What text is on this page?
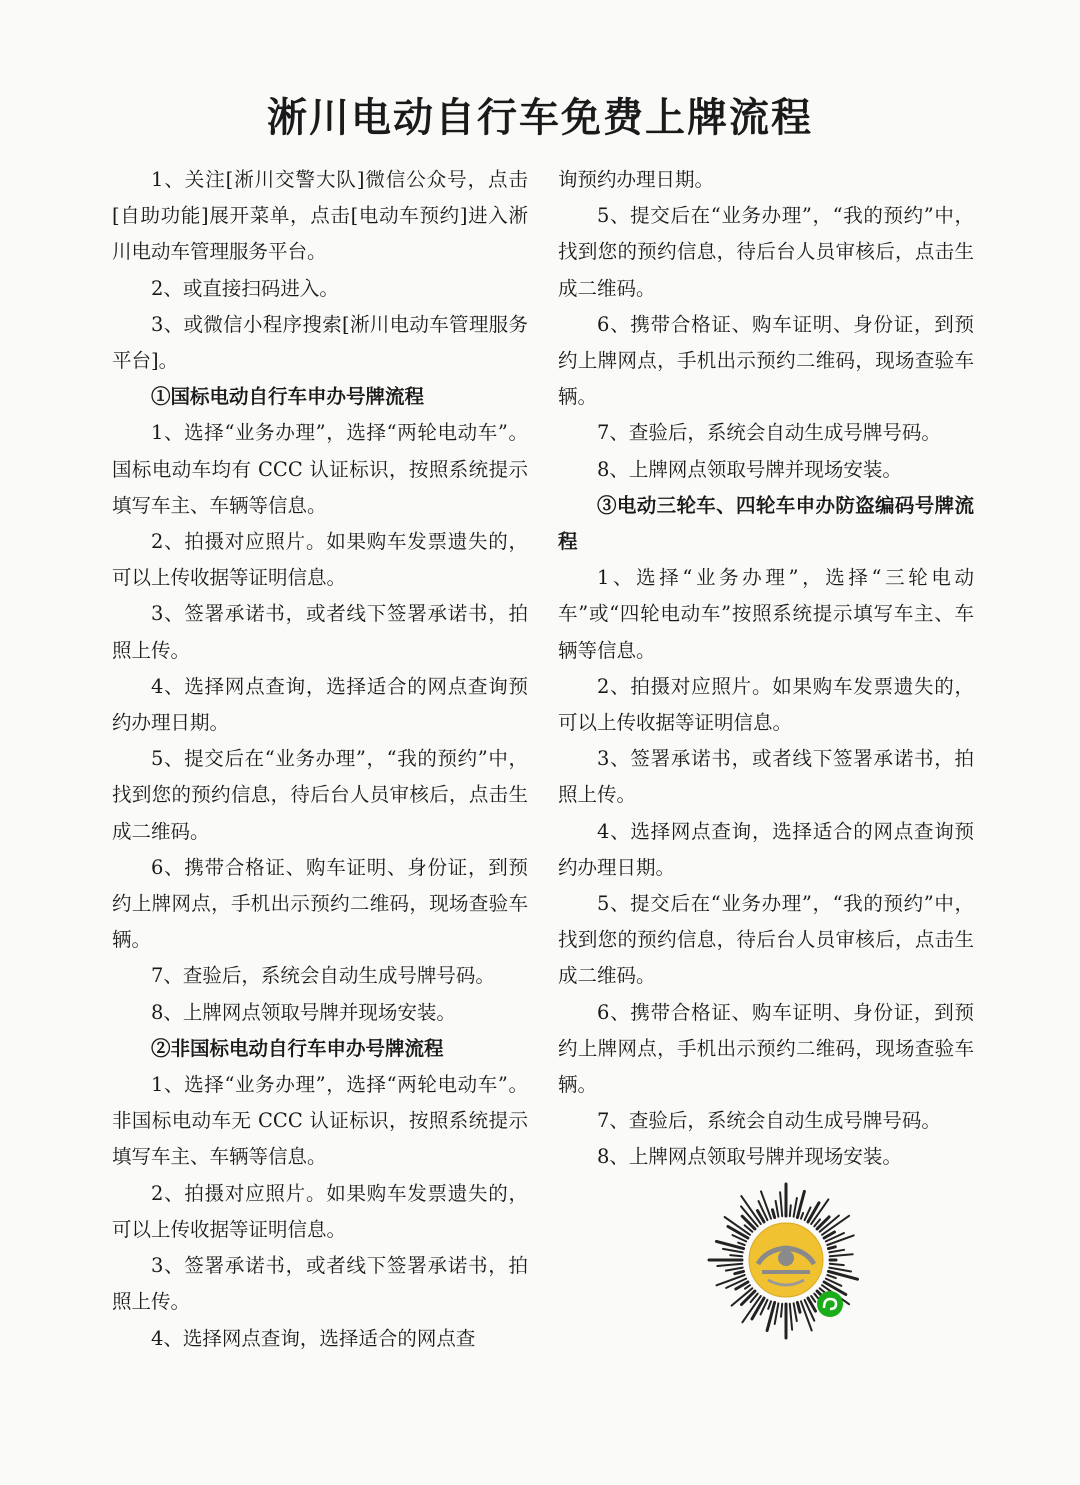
淅川电动自行车免费上牌流程

1、关注[淅川交警大队]微信公众号，点击[自助功能]展开菜单，点击[电动车预约]进入淅川电动车管理服务平台。

2、或直接扫码进入。

3、或微信小程序搜索[淅川电动车管理服务平台]。

①国标电动自行车申办号牌流程

1、选择“业务办理”，选择“两轮电动车”。国标电动车均有 CCC 认证标识，按照系统提示填写车主、车辆等信息。

2、拍摄对应照片。如果购车发票遗失的，可以上传收据等证明信息。

3、签署承诺书，或者线下签署承诺书，拍照上传。

4、选择网点查询，选择适合的网点查询预约办理日期。

5、提交后在“业务办理”，“我的预约”中，找到您的预约信息，待后台人员审核后，点击生成二维码。

6、携带合格证、购车证明、身份证，到预约上牌网点，手机出示预约二维码，现场查验车辆。

7、查验后，系统会自动生成号牌号码。

8、上牌网点领取号牌并现场安装。

②非国标电动自行车申办号牌流程

1、选择“业务办理”，选择“两轮电动车”。非国标电动车无 CCC 认证标识，按照系统提示填写车主、车辆等信息。

2、拍摄对应照片。如果购车发票遗失的，可以上传收据等证明信息。

3、签署承诺书，或者线下签署承诺书，拍照上传。

4、选择网点查询，选择适合的网点查

询预约办理日期。

5、提交后在“业务办理”，“我的预约”中，找到您的预约信息，待后台人员审核后，点击生成二维码。

6、携带合格证、购车证明、身份证，到预约上牌网点，手机出示预约二维码，现场查验车辆。

7、查验后，系统会自动生成号牌号码。

8、上牌网点领取号牌并现场安装。

③电动三轮车、四轮车申办防盗编码号牌流程

1、选择“业务办理”，选择“三轮电动车”或“四轮电动车”按照系统提示填写车主、车辆等信息。

2、拍摄对应照片。如果购车发票遗失的，可以上传收据等证明信息。

3、签署承诺书，或者线下签署承诺书，拍照上传。

4、选择网点查询，选择适合的网点查询预约办理日期。

5、提交后在“业务办理”，“我的预约”中，找到您的预约信息，待后台人员审核后，点击生成二维码。

6、携带合格证、购车证明、身份证，到预约上牌网点，手机出示预约二维码，现场查验车辆。

7、查验后，系统会自动生成号牌号码。

8、上牌网点领取号牌并现场安装。
